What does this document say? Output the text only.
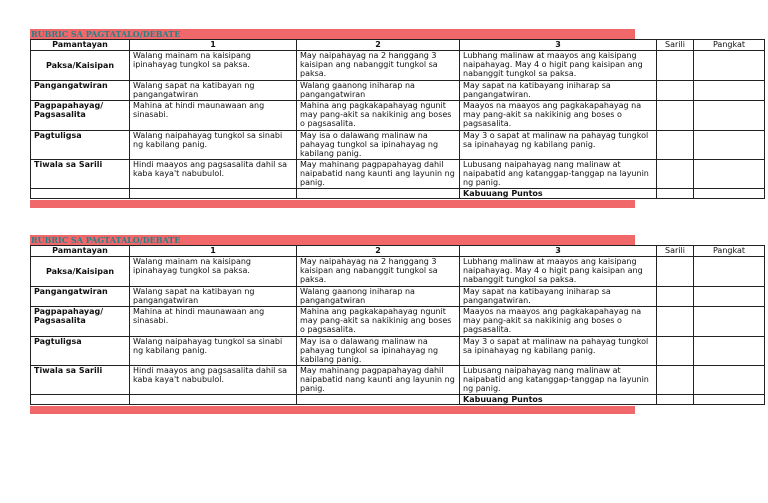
RUBRIC SA PAGTATALO/DEBATE
Pamantayan	1	2	3	Sarili	Pangkat
Paksa/Kaisipan	Walang mainam na kaisipang ipinahayag tungkol sa paksa.	May naipahayag na 2 hanggang 3 kaisipan ang nabanggit tungkol sa paksa.	Lubhang malinaw at maayos ang kaisipang naipahayag. May 4 o higit pang kaisipan ang nabanggit tungkol sa paksa.		
Pangangatwiran	Walang sapat na katibayan ng pangangatwiran	Walang gaanong iniharap na pangangatwiran	May sapat na katibayang iniharap sa pangangatwiran.		
Pagpapahayag/ Pagsasalita	Mahina at hindi maunawaan ang sinasabi.	Mahina ang pagkakapahayag ngunit may pang-akit sa nakikinig ang boses o pagsasalita.	Maayos na maayos ang pagkakapahayag na may pang-akit sa nakikinig ang boses o pagsasalita.		
Pagtuligsa	Walang naipahayag tungkol sa sinabi ng kabilang panig.	May isa o dalawang malinaw na pahayag tungkol sa ipinahayag ng kabilang panig.	May 3 o sapat at malinaw na pahayag tungkol sa ipinahayag ng kabilang panig.		
Tiwala sa Sarili	Hindi maayos ang pagsasalita dahil sa kaba kaya't nabubulol.	May mahinang pagpapahayag dahil naipabatid nang kaunti ang layunin ng panig.	Lubusang naipahayag nang malinaw at naipabatid ang katanggap-tanggap na layunin ng panig.		
			Kabuuang Puntos		
RUBRIC SA PAGTATALO/DEBATE
Pamantayan	1	2	3	Sarili	Pangkat
Paksa/Kaisipan	Walang mainam na kaisipang ipinahayag tungkol sa paksa.	May naipahayag na 2 hanggang 3 kaisipan ang nabanggit tungkol sa paksa.	Lubhang malinaw at maayos ang kaisipang naipahayag. May 4 o higit pang kaisipan ang nabanggit tungkol sa paksa.		
Pangangatwiran	Walang sapat na katibayan ng pangangatwiran	Walang gaanong iniharap na pangangatwiran	May sapat na katibayang iniharap sa pangangatwiran.		
Pagpapahayag/ Pagsasalita	Mahina at hindi maunawaan ang sinasabi.	Mahina ang pagkakapahayag ngunit may pang-akit sa nakikinig ang boses o pagsasalita.	Maayos na maayos ang pagkakapahayag na may pang-akit sa nakikinig ang boses o pagsasalita.		
Pagtuligsa	Walang naipahayag tungkol sa sinabi ng kabilang panig.	May isa o dalawang malinaw na pahayag tungkol sa ipinahayag ng kabilang panig.	May 3 o sapat at malinaw na pahayag tungkol sa ipinahayag ng kabilang panig.		
Tiwala sa Sarili	Hindi maayos ang pagsasalita dahil sa kaba kaya't nabubulol.	May mahinang pagpapahayag dahil naipabatid nang kaunti ang layunin ng panig.	Lubusang naipahayag nang malinaw at naipabatid ang katanggap-tanggap na layunin ng panig.		
			Kabuuang Puntos		
